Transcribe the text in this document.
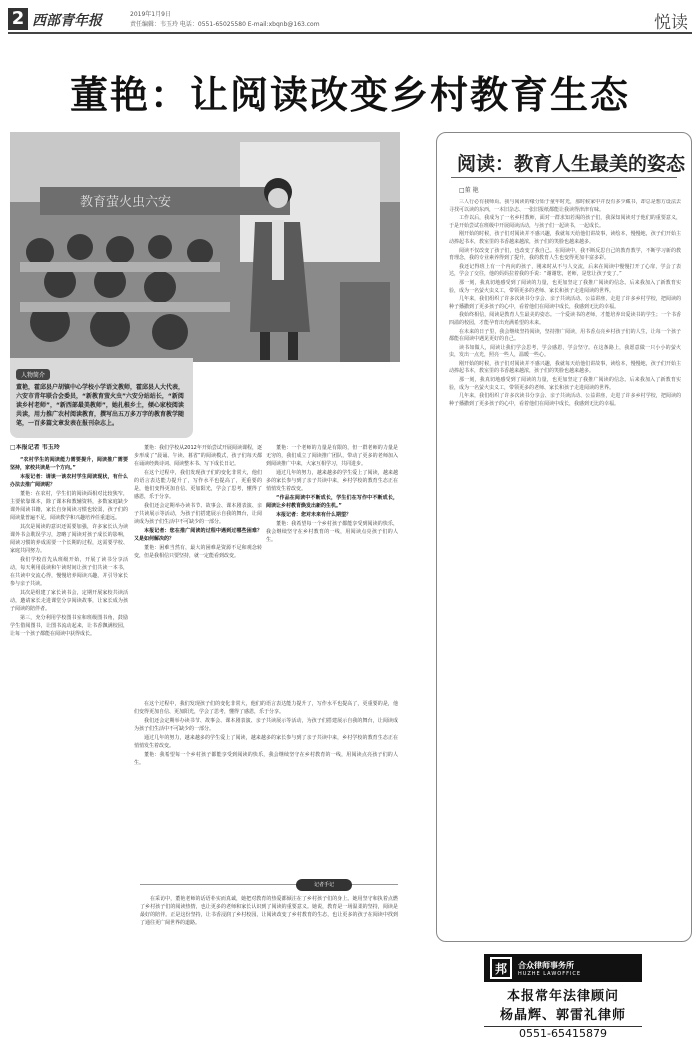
2 西部青年报	2019年1月9日
责任编辑：韦玉玲 电话：0551-65025580 E-mail:xbqnb@163.com	悦读
董艳：让阅读改变乡村教育生态
教育萤火虫六安
人物简介
董艳，霍邱县户胡镇中心学校小学语文教师，霍邱县人大代表，六安市青年联合会委员，“新教育萤火虫”六安分站站长，“新阅读乡村老师”，“新西部最美教师”，她扎根乡土，倾心家校阅读共读，用力推广农村阅读教育，撰写出五万多万字的教育教学随笔，一百多篇文章发表在报刊杂志上。
□本报记者 韦玉玲

“农村学生的阅读能力需要提升，阅读推广需要坚持，家校共读是一个方向。”

本报记者：请谈一谈农村学生阅读现状，有什么办法去推广阅读呢？

董艳：在农村，学生们的阅读面相对比较狭窄，主要依靠课本，除了课本和教辅资料，多数家庭缺少课外阅读书籍，家长自身阅读习惯也较弱，孩子们的阅读量普遍不足，阅读教学和兴趣培养任重道远。

其次是阅读的意识还需要加强，许多家长认为读课外书会耽误学习，忽略了阅读对孩子成长的影响，阅读习惯的养成需要一个长期的过程，这需要学校、家庭共同努力。

我们学校首先从班级开始，开展了读书分享活动，每天利用晨读和午读时间让孩子们共读一本书，在共读中交流心得，慢慢培养阅读兴趣，并引导家长参与亲子共读。

其次是组建了家长读书会，定期开展家校共读活动，邀请家长走进课堂分享阅读故事，让家长成为孩子阅读的陪伴者。

第三，充分利用学校图书室和班级图书角，鼓励学生借阅图书，让图书流动起来，让书香飘满校园，让每一个孩子都能在阅读中获得成长。

董艳：我们学校从2012年开始尝试开展阅读课程，逐步形成了“晨诵、午读、暮省”的阅读模式，孩子们每天都在诵读经典诗词、阅读整本书、写下成长日记。

在这个过程中，我们发现孩子们的变化非常大，他们的语言表达能力提升了，写作水平也提高了，更重要的是，他们变得更加自信、更加阳光，学会了思考，懂得了感恩，乐于分享。

我们还会定期举办读书节、故事会、课本剧表演、亲子共读展示等活动，为孩子们搭建展示自我的舞台，让阅读成为孩子们生活中不可缺少的一部分。

本报记者：您在推广阅读的过程中遇到过哪些困难？又是如何解决的？

董艳：困难当然有，最大的困难是资源不足和观念转变，但是我相信只要坚持，就一定能看到改变。

董艳：一个老师的力量是有限的，但一群老师的力量是无穷的，我们成立了阅读推广团队，带动了更多的老师加入到阅读推广中来，大家互相学习，共同进步。

通过几年的努力，越来越多的学生爱上了阅读，越来越多的家长参与到了亲子共读中来，乡村学校的教育生态正在悄悄发生着改变。

“作品在阅读中不断成长，学生们在写作中不断成长，阅读让乡村教育焕发出新的生机。”

本报记者：您对未来有什么期望？

董艳：我希望每一个乡村孩子都能享受到阅读的快乐，我会继续坚守在乡村教育的一线，用阅读点亮孩子们的人生。

在这个过程中，我们发现孩子们的变化非常大，他们的语言表达能力提升了，写作水平也提高了，更重要的是，他们变得更加自信、更加阳光，学会了思考，懂得了感恩，乐于分享。

我们还会定期举办读书节、故事会、课本剧表演、亲子共读展示等活动，为孩子们搭建展示自我的舞台，让阅读成为孩子们生活中不可缺少的一部分。

通过几年的努力，越来越多的学生爱上了阅读，越来越多的家长参与到了亲子共读中来，乡村学校的教育生态正在悄悄发生着改变。

董艳：我希望每一个乡村孩子都能享受到阅读的快乐，我会继续坚守在乡村教育的一线，用阅读点亮孩子们的人生。

记者手记
在采访中，董艳老师的话语朴实而真诚，她把对教育的热爱都倾注在了乡村孩子们的身上。她用坚守和执着点燃了乡村孩子们的阅读热情，也让更多的老师和家长认识到了阅读的重要意义。她说，教育是一场温柔的坚持，阅读是最好的陪伴。正是这份坚持，让书香浸润了乡村校园，让阅读改变了乡村教育的生态，也让更多的孩子在阅读中找到了通往更广阔世界的道路。
阅读：教育人生最美的姿态
□董 艳

三人行必有我师焉。我与阅读的缘分始于童年时光，那时候家中并没有多少藏书，却总是想方设法去寻找可以读的东西，一本旧杂志、一张旧报纸都能让我读得津津有味。

工作以后，我成为了一名乡村教师，面对一群求知若渴的孩子们，我深知阅读对于他们的重要意义，于是开始尝试在班级中开展阅读活动，与孩子们一起读书，一起成长。

刚开始的时候，孩子们对阅读并不感兴趣，我就每天给他们讲故事，读绘本，慢慢地，孩子们开始主动捧起书本，教室里的书香越来越浓，孩子们的笑脸也越来越多。

阅读不仅改变了孩子们，也改变了我自己。在阅读中，我不断反思自己的教育教学，不断学习新的教育理念，我的专业素养得到了提升，我的教育人生也变得更加丰富多彩。

我还记得班上有一个内向的孩子，刚来时从不与人交流，后来在阅读中慢慢打开了心扉，学会了表达，学会了交往，他的妈妈拉着我的手说：“谢谢您，老师，是您让孩子变了。”

那一刻，我真切地感受到了阅读的力量，也更加坚定了我推广阅读的信念。后来我加入了新教育实验，成为一名萤火虫义工，带领更多的老师、家长和孩子走进阅读的世界。

几年来，我们组织了许多次读书分享会、亲子共读活动、公益讲座，走进了许多乡村学校，把阅读的种子播撒到了更多孩子的心中，看着他们在阅读中成长，我感到无比的幸福。

我始终相信，阅读是教育人生最美的姿态。一个爱读书的老师，才能培养出爱读书的学生；一个书香四溢的校园，才能孕育出充满希望的未来。

在未来的日子里，我会继续坚持阅读，坚持推广阅读，用书香点亮乡村孩子们的人生，让每一个孩子都能在阅读中遇见更好的自己。

读书如做人，阅读让我们学会思考，学会感恩，学会坚守。在这条路上，我愿意做一只小小的萤火虫，发出一点光，照亮一些人，温暖一些心。

刚开始的时候，孩子们对阅读并不感兴趣，我就每天给他们讲故事，读绘本，慢慢地，孩子们开始主动捧起书本，教室里的书香越来越浓，孩子们的笑脸也越来越多。

那一刻，我真切地感受到了阅读的力量，也更加坚定了我推广阅读的信念。后来我加入了新教育实验，成为一名萤火虫义工，带领更多的老师、家长和孩子走进阅读的世界。

几年来，我们组织了许多次读书分享会、亲子共读活动、公益讲座，走进了许多乡村学校，把阅读的种子播撒到了更多孩子的心中，看着他们在阅读中成长，我感到无比的幸福。

邦	合众律师事务所
HUZHE LAWOFFICE
本报常年法律顾问
杨晶辉、郭雷礼律师
0551-65415879
